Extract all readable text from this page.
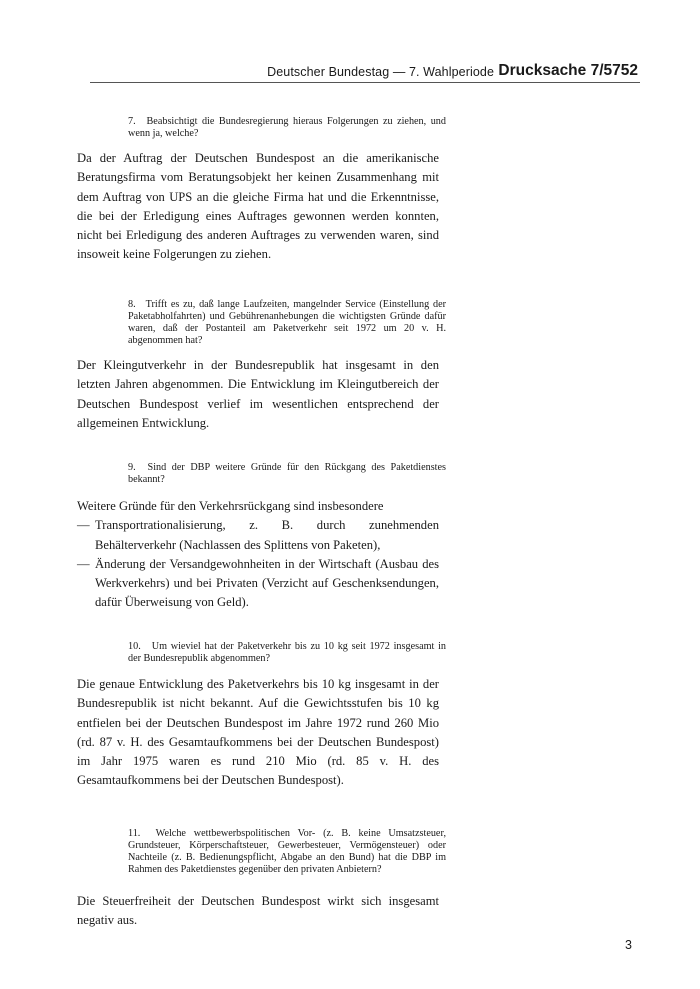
Deutscher Bundestag — 7. Wahlperiode Drucksache 7/5752
7. Beabsichtigt die Bundesregierung hieraus Folgerungen zu ziehen, und wenn ja, welche?

Da der Auftrag der Deutschen Bundespost an die amerikanische Beratungsfirma vom Beratungsobjekt her keinen Zusammenhang mit dem Auftrag von UPS an die gleiche Firma hat und die Erkenntnisse, die bei der Erledigung eines Auftrages gewonnen werden konnten, nicht bei Erledigung des anderen Auftrages zu verwenden waren, sind insoweit keine Folgerungen zu ziehen.

8. Trifft es zu, daß lange Laufzeiten, mangelnder Service (Einstellung der Paketabholfahrten) und Gebührenanhebungen die wichtigsten Gründe dafür waren, daß der Postanteil am Paketverkehr seit 1972 um 20 v. H. abgenommen hat?

Der Kleingutverkehr in der Bundesrepublik hat insgesamt in den letzten Jahren abgenommen. Die Entwicklung im Kleingutbereich der Deutschen Bundespost verlief im wesentlichen entsprechend der allgemeinen Entwicklung.

9. Sind der DBP weitere Gründe für den Rückgang des Paketdienstes bekannt?

Weitere Gründe für den Verkehrsrückgang sind insbesondere

— Transportrationalisierung, z. B. durch zunehmenden Behälterverkehr (Nachlassen des Splittens von Paketen),
— Änderung der Versandgewohnheiten in der Wirtschaft (Ausbau des Werkverkehrs) und bei Privaten (Verzicht auf Geschenksendungen, dafür Überweisung von Geld).
10. Um wieviel hat der Paketverkehr bis zu 10 kg seit 1972 insgesamt in der Bundesrepublik abgenommen?

Die genaue Entwicklung des Paketverkehrs bis 10 kg insgesamt in der Bundesrepublik ist nicht bekannt. Auf die Gewichtsstufen bis 10 kg entfielen bei der Deutschen Bundespost im Jahre 1972 rund 260 Mio (rd. 87 v. H. des Gesamtaufkommens bei der Deutschen Bundespost) im Jahr 1975 waren es rund 210 Mio (rd. 85 v. H. des Gesamtaufkommens bei der Deutschen Bundespost).

11. Welche wettbewerbspolitischen Vor- (z. B. keine Umsatzsteuer, Grundsteuer, Körperschaftsteuer, Gewerbesteuer, Vermögensteuer) oder Nachteile (z. B. Bedienungspflicht, Abgabe an den Bund) hat die DBP im Rahmen des Paketdienstes gegenüber den privaten Anbietern?

Die Steuerfreiheit der Deutschen Bundespost wirkt sich insgesamt negativ aus.

3
